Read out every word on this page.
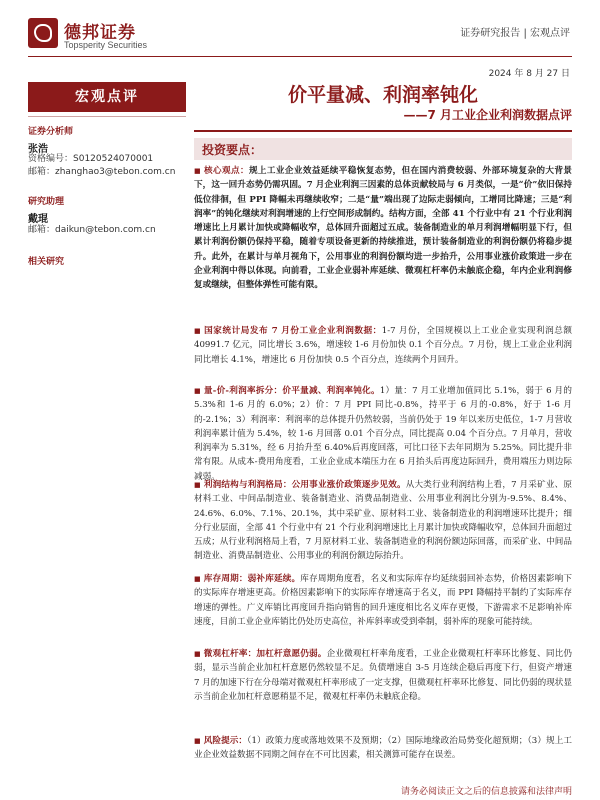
德邦证券
Topsperity Securities
证券研究报告 | 宏观点评
2024 年 8 月 27 日
宏观点评
证券分析师
张浩
资格编号：S0120524070001
邮箱：zhanghao3@tebon.com.cn
研究助理
戴琨
邮箱：daikun@tebon.com.cn
相关研究
价平量减、利润率钝化
——7 月工业企业利润数据点评
投资要点：
■ 核心观点：规上工业企业效益延续平稳恢复态势，但在国内消费较弱、外部环境复杂的大背景下，这一回升态势仍需巩固。7 月企业利润三因素的总体贡献较局与 6 月类似，一是“价”依旧保持低位徘徊，但 PPI 降幅未再继续收窄；二是“量”端出现了边际走弱倾向，工增同比降速；三是“利润率”的钝化继续对利润增速的上行空间形成制约。结构方面，全部 41 个行业中有 21 个行业利润增速比上月累计加快或降幅收窄，总体回升面超过五成。装备制造业的单月利润增幅明显下行，但累计利润份额仍保持平稳，随着专项设备更新的持续推进，预计装备制造业的利润份额仍将稳步提升。此外，在累计与单月视角下，公用事业的利润份额均进一步抬升，公用事业涨价政策进一步在企业利润中得以体现。向前看，工业企业弱补库延续、微观杠杆率仍未触底企稳，年内企业利润修复或继续，但整体弹性可能有限。
■ 国家统计局发布 7 月份工业企业利润数据：1-7 月份，全国规模以上工业企业实现利润总额 40991.7 亿元，同比增长 3.6%，增速较 1-6 月份加快 0.1 个百分点。7 月份，规上工业企业利润同比增长 4.1%，增速比 6 月份加快 0.5 个百分点，连续两个月回升。
■ 量-价-利润率拆分：价平量减、利润率钝化。1）量：7 月工业增加值同比 5.1%，弱于 6 月的 5.3%和 1-6 月的 6.0%；2）价：7 月 PPI 同比-0.8%，持平于 6 月的-0.8%，好于 1-6 月的-2.1%；3）利润率：利润率的总体提升仍然较弱，当前仍处于 19 年以来历史低位，1-7 月营收利润率累计值为 5.4%，较 1-6 月回落 0.01 个百分点，同比提高 0.04 个百分点。7 月单月，营收利润率为 5.31%，经 6 月抬升至 6.40%后再度回落，可比口径下去年同期为 5.25%。同比提升非常有限。从成本-费用角度看，工业企业成本端压力在 6 月抬头后再度边际回升，费用端压力则边际减弱。
■ 利润结构与利润格局：公用事业涨价政策逐步见效。从大类行业利润结构上看，7 月采矿业、原材料工业、中间品制造业、装备制造业、消费品制造业、公用事业利润比分别为-9.5%、8.4%、24.6%、6.0%、7.1%、20.1%，其中采矿业、原材料工业、装备制造业的利润增速环比提升；细分行业层面，全部 41 个行业中有 21 个行业利润增速比上月累计加快或降幅收窄，总体回升面超过五成；从行业利润格局上看，7 月原材料工业、装备制造业的利润份额边际回落，而采矿业、中间品制造业、消费品制造业、公用事业的利润份额边际抬升。
■ 库存周期：弱补库延续。库存周期角度看，名义和实际库存均延续弱回补态势，价格因素影响下的实际库存增速更高。价格因素影响下的实际库存增速高于名义，而 PPI 降幅持平制约了实际库存增速的弹性。广义库销比再度回升指向销售的回升速度相比名义库存更慢，下游需求不足影响补库速度，目前工业企业库销比仍处历史高位，补库斜率或受到牵制，弱补库的现象可能持续。
■ 微观杠杆率：加杠杆意愿仍弱。企业微观杠杆率角度看，工业企业微观杠杆率环比修复、同比仍弱，显示当前企业加杠杆意愿仍然较显不足。负债增速自 3-5 月连续企稳后再度下行，但资产增速 7 月的加速下行在分母端对微观杠杆率形成了一定支撑，但微观杠杆率环比修复、同比仍弱的现状显示当前企业加杠杆意愿稍显不足，微观杠杆率仍未触底企稳。
■ 风险提示：（1）政策力度或落地效果不及预期；（2）国际地缘政治局势变化超预期；（3）规上工业企业效益数据不同期之间存在不可比因素，相关测算可能存在误差。
请务必阅读正文之后的信息披露和法律声明
